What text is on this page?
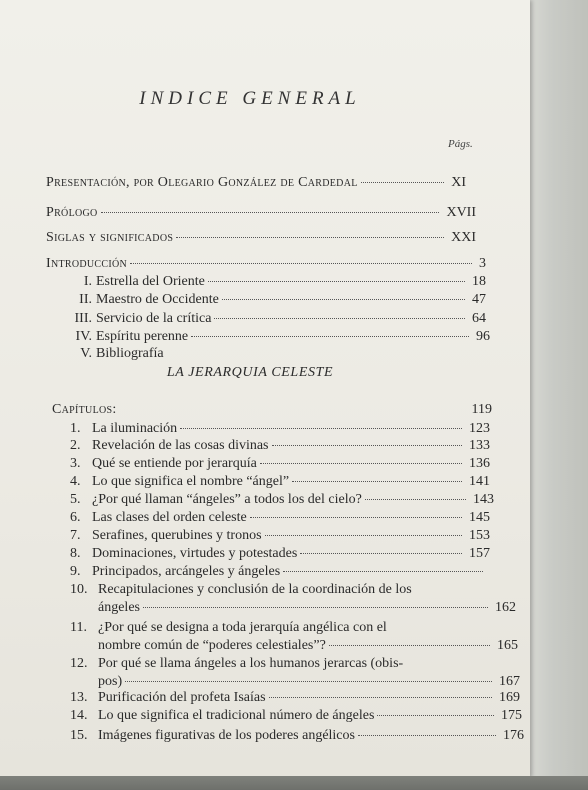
INDICE GENERAL
Págs.
Presentación, por Olegario González de Cardedal	XI
Prólogo	XVII
Siglas y significados	XXI
Introducción	3
I. Estrella del Oriente	18
II. Maestro de Occidente	47
III. Servicio de la crítica	64
IV. Espíritu perenne	96
V. Bibliografía
LA JERARQUIA CELESTE
Capítulos:	119
1. La iluminación	123
2. Revelación de las cosas divinas	133
3. Qué se entiende por jerarquía	136
4. Lo que significa el nombre “ángel”	141
5. ¿Por qué llaman “ángeles” a todos los del cielo?	143
6. Las clases del orden celeste	145
7. Serafines, querubines y tronos	153
8. Dominaciones, virtudes y potestades	157
9. Principados, arcángeles y ángeles
10. Recapitulaciones y conclusión de la coordinación de los
ángeles	162
11. ¿Por qué se designa a toda jerarquía angélica con el
nombre común de “poderes celestiales”?	165
12. Por qué se llama ángeles a los humanos jerarcas (obis-
pos)	167
13. Purificación del profeta Isaías	169
14. Lo que significa el tradicional número de ángeles	175
15. Imágenes figurativas de los poderes angélicos	176
